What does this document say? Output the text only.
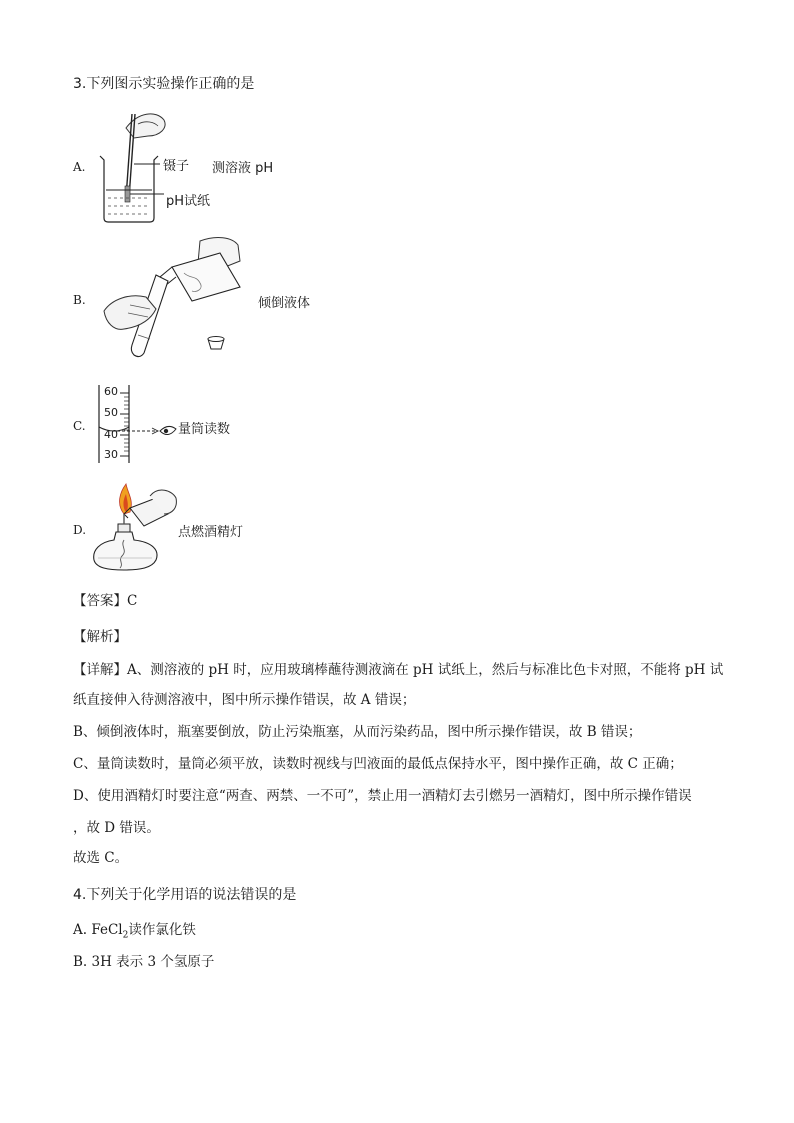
3.下列图示实验操作正确的是
A.	镊子 测溶液 pH
pH试纸
B.	倾倒液体
C.
60
50
40
30
量筒读数
D.	点燃酒精灯
【答案】C
【解析】
【详解】A、测溶液的 pH 时，应用玻璃棒蘸待测液滴在 pH 试纸上，然后与标准比色卡对照，不能将 pH 试
纸直接伸入待测溶液中，图中所示操作错误，故 A 错误；
B、倾倒液体时，瓶塞要倒放，防止污染瓶塞，从而污染药品，图中所示操作错误，故 B 错误；
C、量筒读数时，量筒必须平放，读数时视线与凹液面的最低点保持水平，图中操作正确，故 C 正确；
D、使用酒精灯时要注意“两查、两禁、一不可”，禁止用一酒精灯去引燃另一酒精灯，图中所示操作错误
，故 D 错误。
故选 C。
4.下列关于化学用语的说法错误的是
A. FeCl$_2$读作氯化铁
B. 3H 表示 3 个氢原子
